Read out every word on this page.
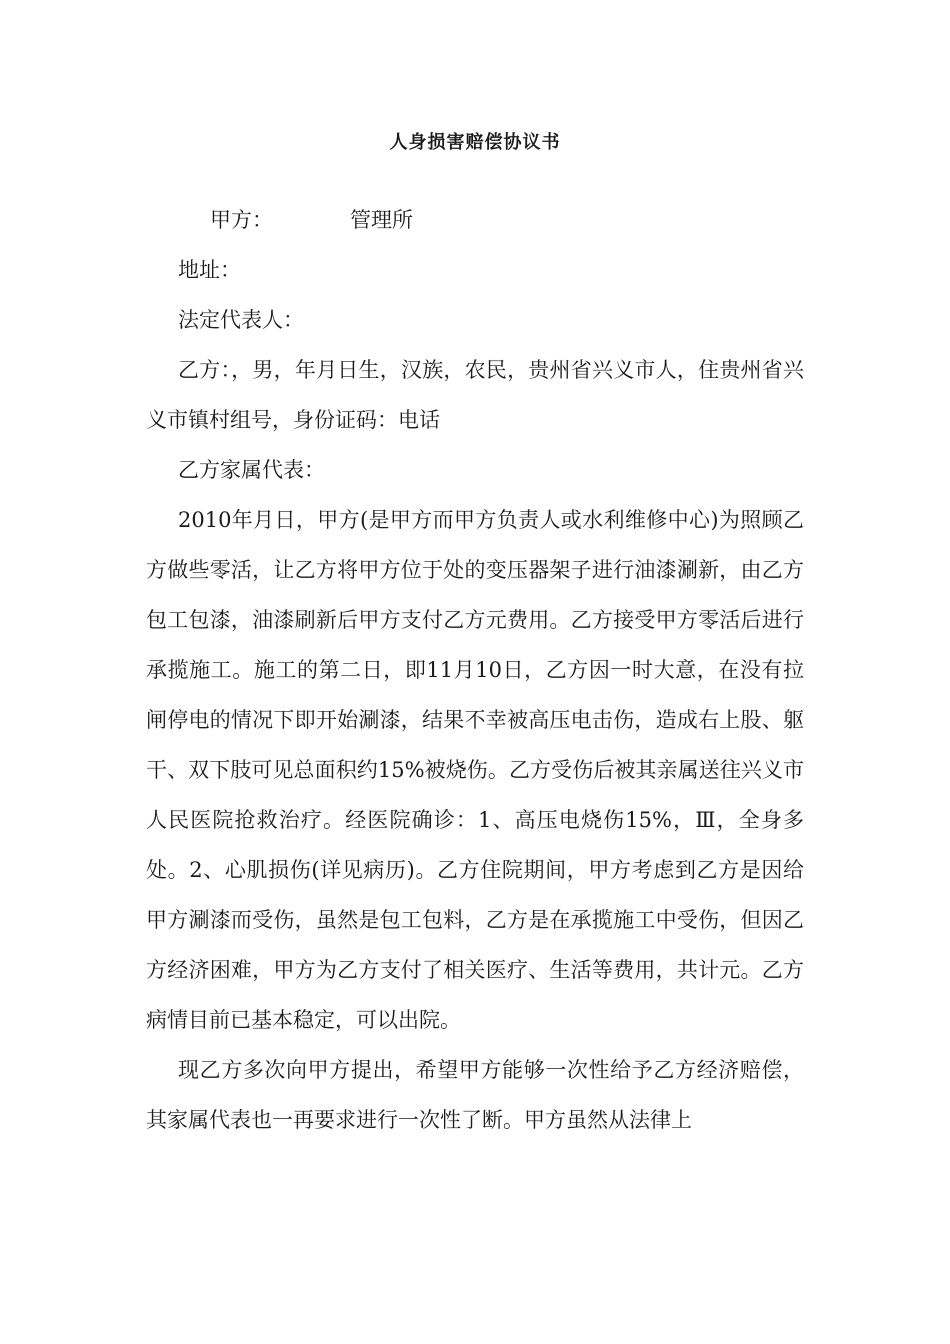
人身损害赔偿协议书

甲方：	管理所

地址：

法定代表人：

乙方：，男，年月日生，汉族，农民，贵州省兴义市人，住贵州省兴义市镇村组号，身份证码：电话

乙方家属代表：

2010年月日，甲方(是甲方而甲方负责人或水利维修中心)为照顾乙方做些零活，让乙方将甲方位于处的变压器架子进行油漆涮新，由乙方包工包漆，油漆刷新后甲方支付乙方元费用。乙方接受甲方零活后进行承揽施工。施工的第二日，即11月10日，乙方因一时大意，在没有拉闸停电的情况下即开始涮漆，结果不幸被高压电击伤，造成右上股、躯干、双下肢可见总面积约15%被烧伤。乙方受伤后被其亲属送往兴义市人民医院抢救治疗。经医院确诊：1、高压电烧伤15%，Ⅲ，全身多处。2、心肌损伤(详见病历)。乙方住院期间，甲方考虑到乙方是因给甲方涮漆而受伤，虽然是包工包料，乙方是在承揽施工中受伤，但因乙方经济困难，甲方为乙方支付了相关医疗、生活等费用，共计元。乙方病情目前已基本稳定，可以出院。

现乙方多次向甲方提出，希望甲方能够一次性给予乙方经济赔偿，其家属代表也一再要求进行一次性了断。甲方虽然从法律上
